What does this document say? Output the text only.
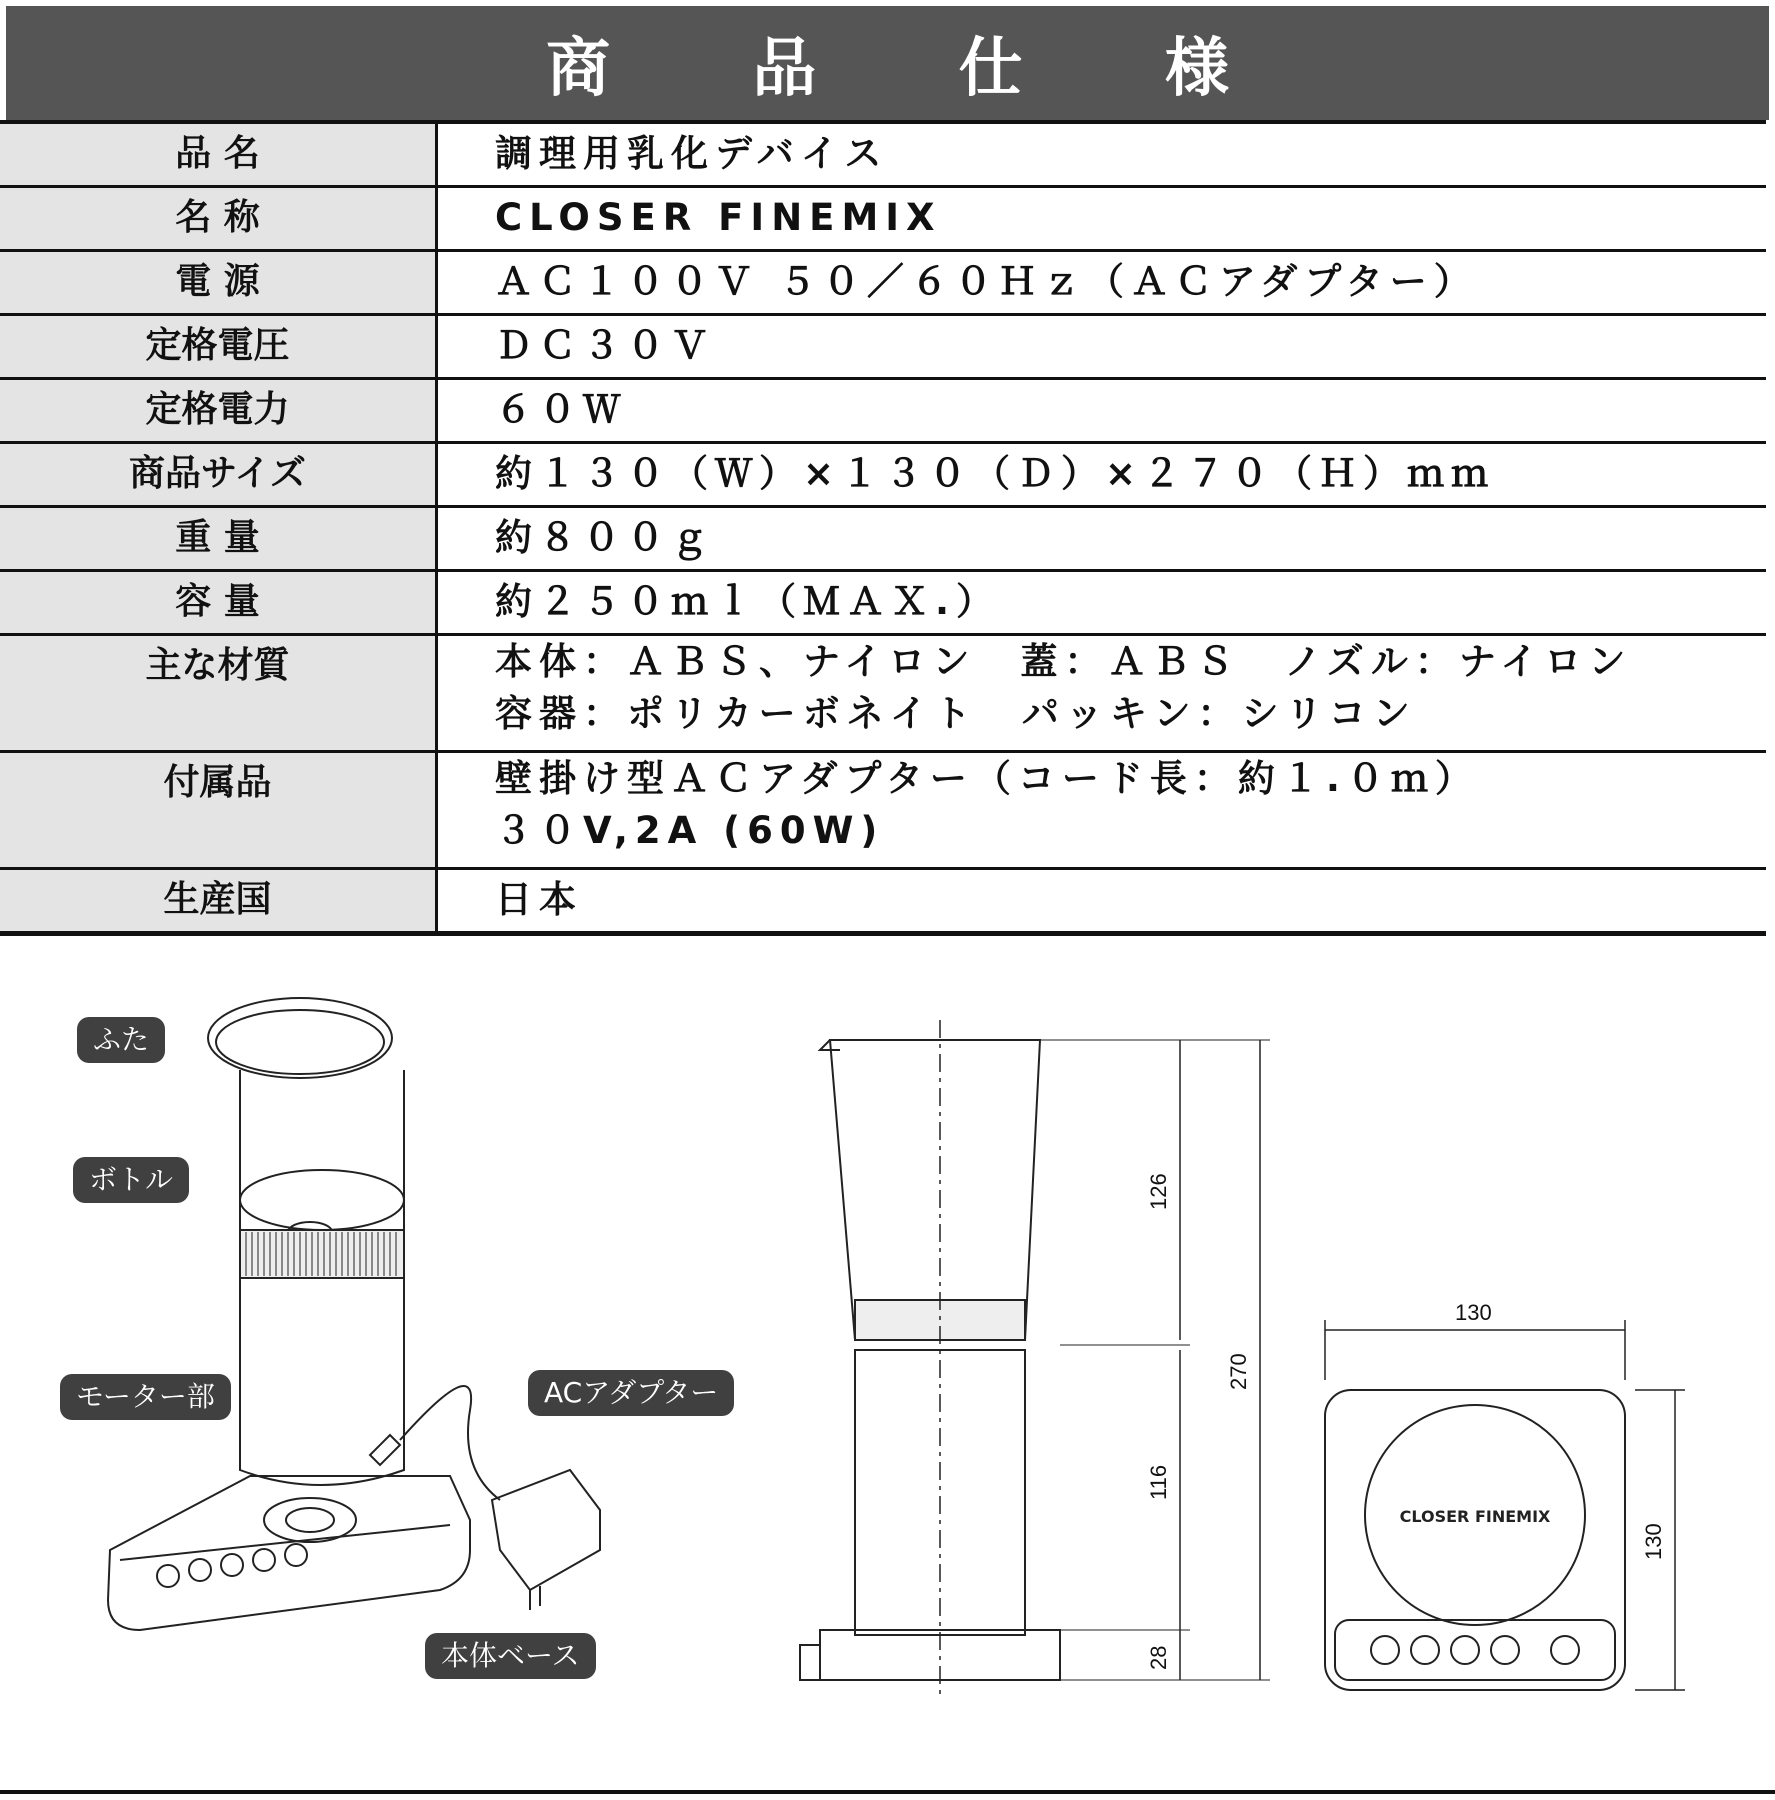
商 品 仕 様
品 名	調理用乳化デバイス

名 称	CLOSER FINEMIX

電 源	ＡＣ１００Ｖ ５０／６０Ｈｚ（ＡＣアダプター）

定格電圧	ＤＣ３０Ｖ

定格電力	６０Ｗ

商品サイズ	約１３０（Ｗ）×１３０（Ｄ）×２７０（Ｈ）ｍｍ

重 量	約８００ｇ

容 量	約２５０ｍｌ（ＭＡＸ.）

主な材質	本体：ＡＢＳ、ナイロン　蓋：ＡＢＳ　ノズル：ナイロン
容器：ポリカーボネイト　パッキン：シリコン

付属品	壁掛け型ＡＣアダプター（コード長：約１.０ｍ）
３０V,2A (60W)

生産国	日本
ふた
ボトル
モーター部	ACアダプター
本体ベース
126
116
28
270
130
130
CLOSER FINEMIX
